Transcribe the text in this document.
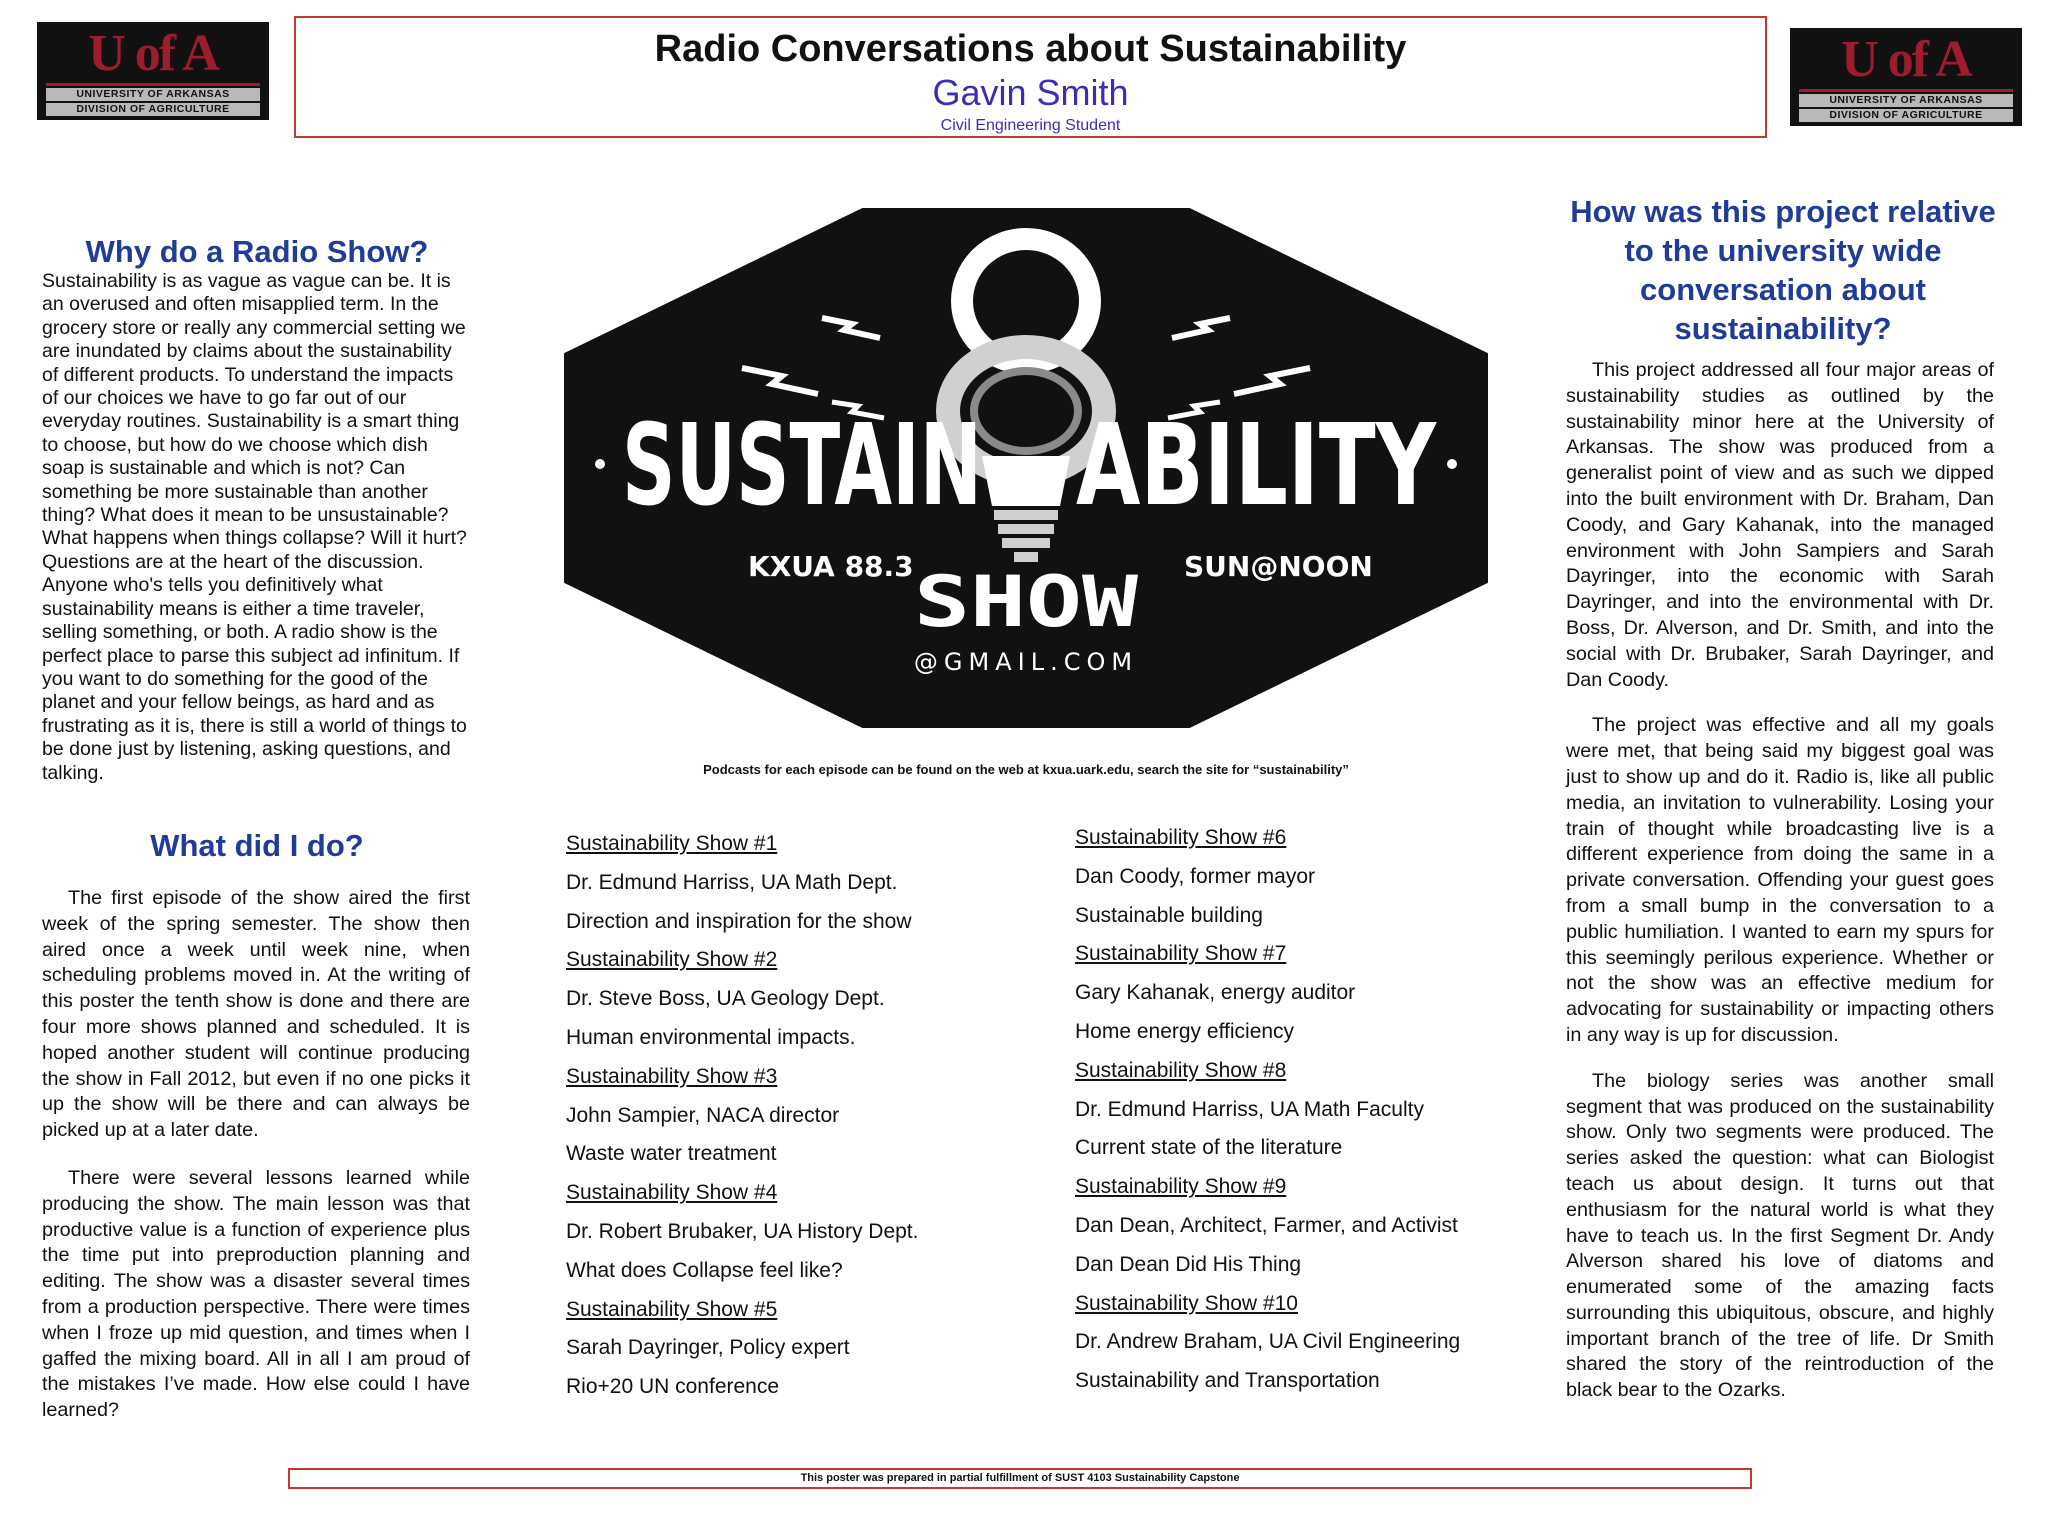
U of A
UNIVERSITY OF ARKANSAS
DIVISION OF AGRICULTURE
Radio Conversations about Sustainability
Gavin Smith
Civil Engineering Student
U of A
UNIVERSITY OF ARKANSAS
DIVISION OF AGRICULTURE
Why do a Radio Show?
Sustainability is as vague as vague can be. It is an overused and often misapplied term. In the grocery store or really any commercial setting we are inundated by claims about the sustainability of different products. To understand the impacts of our choices we have to go far out of our everyday routines. Sustainability is a smart thing to choose, but how do we choose which dish soap is sustainable and which is not? Can something be more sustainable than another thing? What does it mean to be unsustainable? What happens when things collapse? Will it hurt? Questions are at the heart of the discussion. Anyone who's tells you definitively what sustainability means is either a time traveler, selling something, or both. A radio show is the perfect place to parse this subject ad infinitum. If you want to do something for the good of the planet and your fellow beings, as hard and as frustrating as it is, there is still a world of things to be done just by listening, asking questions, and talking.
What did I do?

The first episode of the show aired the first week of the spring semester. The show then aired once a week until week nine, when scheduling problems moved in. At the writing of this poster the tenth show is done and there are four more shows planned and scheduled. It is hoped another student will continue producing the show in Fall 2012, but even if no one picks it up the show will be there and can always be picked up at a later date.

There were several lessons learned while producing the show. The main lesson was that productive value is a function of experience plus the time put into preproduction planning and editing. The show was a disaster several times from a production perspective. There were times when I froze up mid question, and times when I gaffed the mixing board. All in all I am proud of the mistakes I’ve made. How else could I have learned?

SUSTAIN ABILITY
KXUA 88.3	SUN@NOON
SHOW
@GMAIL.COM
Podcasts for each episode can be found on the web at kxua.uark.edu, search the site for “sustainability”
Sustainability Show #1
Dr. Edmund Harriss, UA Math Dept.
Direction and inspiration for the show
Sustainability Show #2
Dr. Steve Boss, UA Geology Dept.
Human environmental impacts.
Sustainability Show #3
John Sampier, NACA director
Waste water treatment
Sustainability Show #4
Dr. Robert Brubaker, UA History Dept.
What does Collapse feel like?
Sustainability Show #5
Sarah Dayringer, Policy expert
Rio+20 UN conference
Sustainability Show #6
Dan Coody, former mayor
Sustainable building
Sustainability Show #7
Gary Kahanak, energy auditor
Home energy efficiency
Sustainability Show #8
Dr. Edmund Harriss, UA Math Faculty
Current state of the literature
Sustainability Show #9
Dan Dean, Architect, Farmer, and Activist
Dan Dean Did His Thing
Sustainability Show #10
Dr. Andrew Braham, UA Civil Engineering
Sustainability and Transportation
How was this project relative to the university wide conversation about sustainability?

This project addressed all four major areas of sustainability studies as outlined by the sustainability minor here at the University of Arkansas. The show was produced from a generalist point of view and as such we dipped into the built environment with Dr. Braham, Dan Coody, and Gary Kahanak, into the managed environment with John Sampiers and Sarah Dayringer, into the economic with Sarah Dayringer, and into the environmental with Dr. Boss, Dr. Alverson, and Dr. Smith, and into the social with Dr. Brubaker, Sarah Dayringer, and Dan Coody.

The project was effective and all my goals were met, that being said my biggest goal was just to show up and do it. Radio is, like all public media, an invitation to vulnerability. Losing your train of thought while broadcasting live is a different experience from doing the same in a private conversation. Offending your guest goes from a small bump in the conversation to a public humiliation. I wanted to earn my spurs for this seemingly perilous experience. Whether or not the show was an effective medium for advocating for sustainability or impacting others in any way is up for discussion.

The biology series was another small segment that was produced on the sustainability show. Only two segments were produced. The series asked the question: what can Biologist teach us about design. It turns out that enthusiasm for the natural world is what they have to teach us. In the first Segment Dr. Andy Alverson shared his love of diatoms and enumerated some of the amazing facts surrounding this ubiquitous, obscure, and highly important branch of the tree of life. Dr Smith shared the story of the reintroduction of the black bear to the Ozarks.

This poster was prepared in partial fulfillment of SUST 4103 Sustainability Capstone
